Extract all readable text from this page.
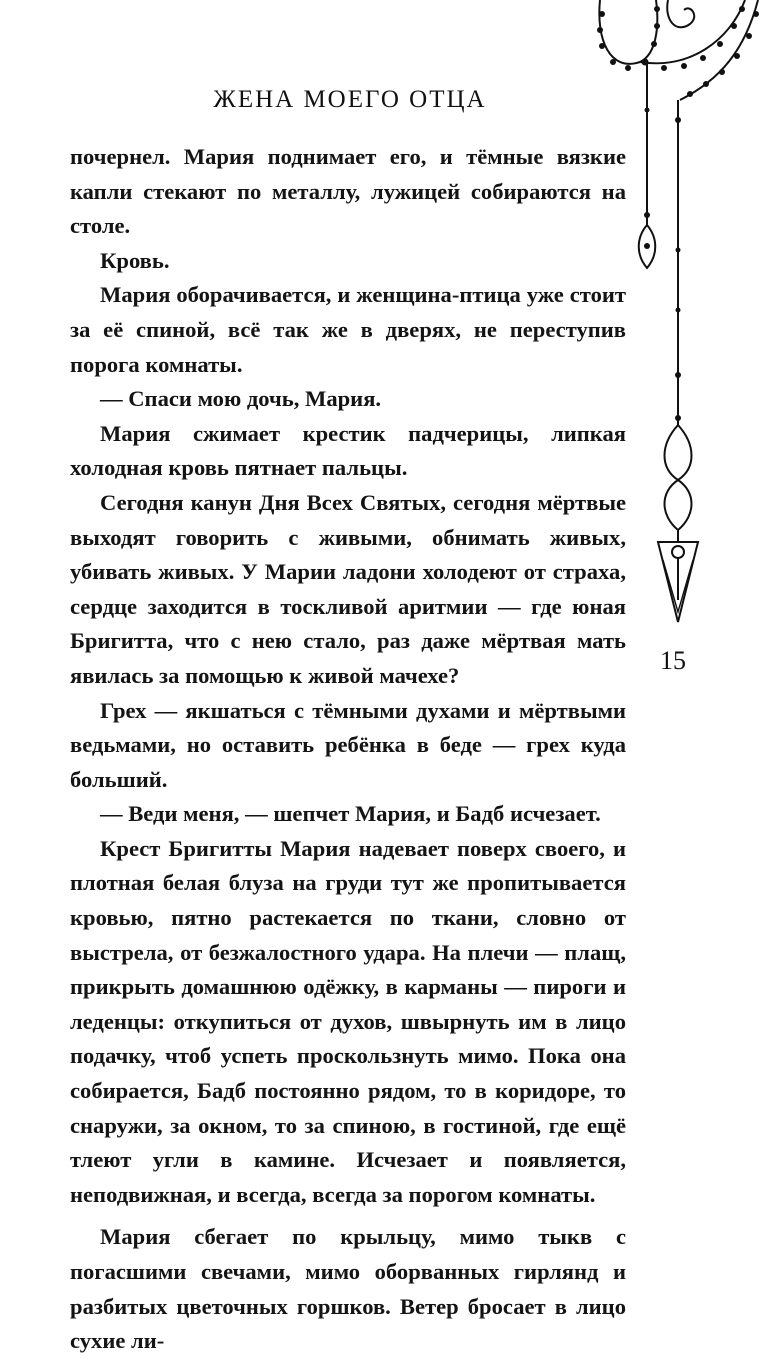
ЖЕНА МОЕГО ОТЦА

почернел. Мария поднимает его, и тёмные вязкие капли стекают по металлу, лужицей собираются на столе.

Кровь.

Мария оборачивается, и женщина-птица уже стоит за её спиной, всё так же в дверях, не переступив порога комнаты.

— Спаси мою дочь, Мария.

Мария сжимает крестик падчерицы, липкая холодная кровь пятнает пальцы.

Сегодня канун Дня Всех Святых, сегодня мёртвые выходят говорить с живыми, обнимать живых, убивать живых. У Марии ладони холодеют от страха, сердце заходится в тоскливой аритмии — где юная Бригитта, что с нею стало, раз даже мёртвая мать явилась за помощью к живой мачехе?

Грех — якшаться с тёмными духами и мёртвыми ведьмами, но оставить ребёнка в беде — грех куда больший.

— Веди меня, — шепчет Мария, и Бадб исчезает.

Крест Бригитты Мария надевает поверх своего, и плотная белая блуза на груди тут же пропитывается кровью, пятно растекается по ткани, словно от выстрела, от безжалостного удара. На плечи — плащ, прикрыть домашнюю одёжку, в карманы — пироги и леденцы: откупиться от духов, швырнуть им в лицо подачку, чтоб успеть проскользнуть мимо. Пока она собирается, Бадб постоянно рядом, то в коридоре, то снаружи, за окном, то за спиною, в гостиной, где ещё тлеют угли в камине. Исчезает и появляется, неподвижная, и всегда, всегда за порогом комнаты.

Мария сбегает по крыльцу, мимо тыкв с погасшими свечами, мимо оборванных гирлянд и разбитых цветочных горшков. Ветер бросает в лицо сухие ли-

15
